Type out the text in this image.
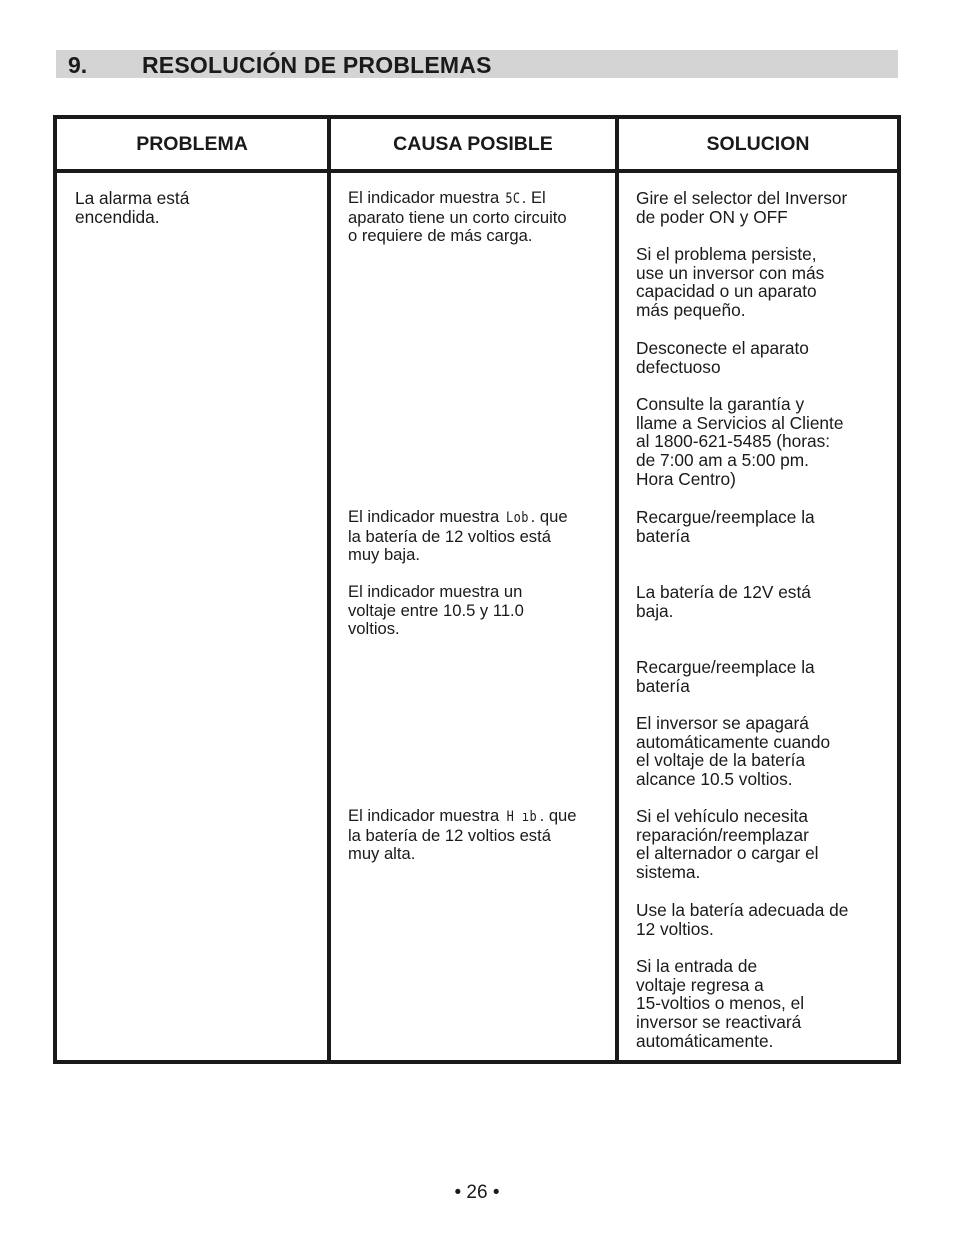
9. RESOLUCIÓN DE PROBLEMAS
PROBLEMA	CAUSA POSIBLE	SOLUCION
La alarma está
encendida.
El indicador muestra 5C. El
aparato tiene un corto circuito
o requiere de más carga.
El indicador muestra Lob . que
la batería de 12 voltios está
muy baja.
El indicador muestra un
voltaje entre 10.5 y 11.0
voltios.
El indicador muestra H ıb . que
la batería de 12 voltios está
muy alta.
Gire el selector del Inversor
de poder ON y OFF
Si el problema persiste,
use un inversor con más
capacidad o un aparato
más pequeño.
Desconecte el aparato
defectuoso
Consulte la garantía y
llame a Servicios al Cliente
al 1800-621-5485 (horas:
de 7:00 am a 5:00 pm.
Hora Centro)
Recargue/reemplace la
batería
La batería de 12V está
baja.
Recargue/reemplace la
batería
El inversor se apagará
automáticamente cuando
el voltaje de la batería
alcance 10.5 voltios.
Si el vehículo necesita
reparación/reemplazar
el alternador o cargar el
sistema.
Use la batería adecuada de
12 voltios.
Si la entrada de
voltaje regresa a
15-voltios o menos, el
inversor se reactivará
automáticamente.
• 26 •
